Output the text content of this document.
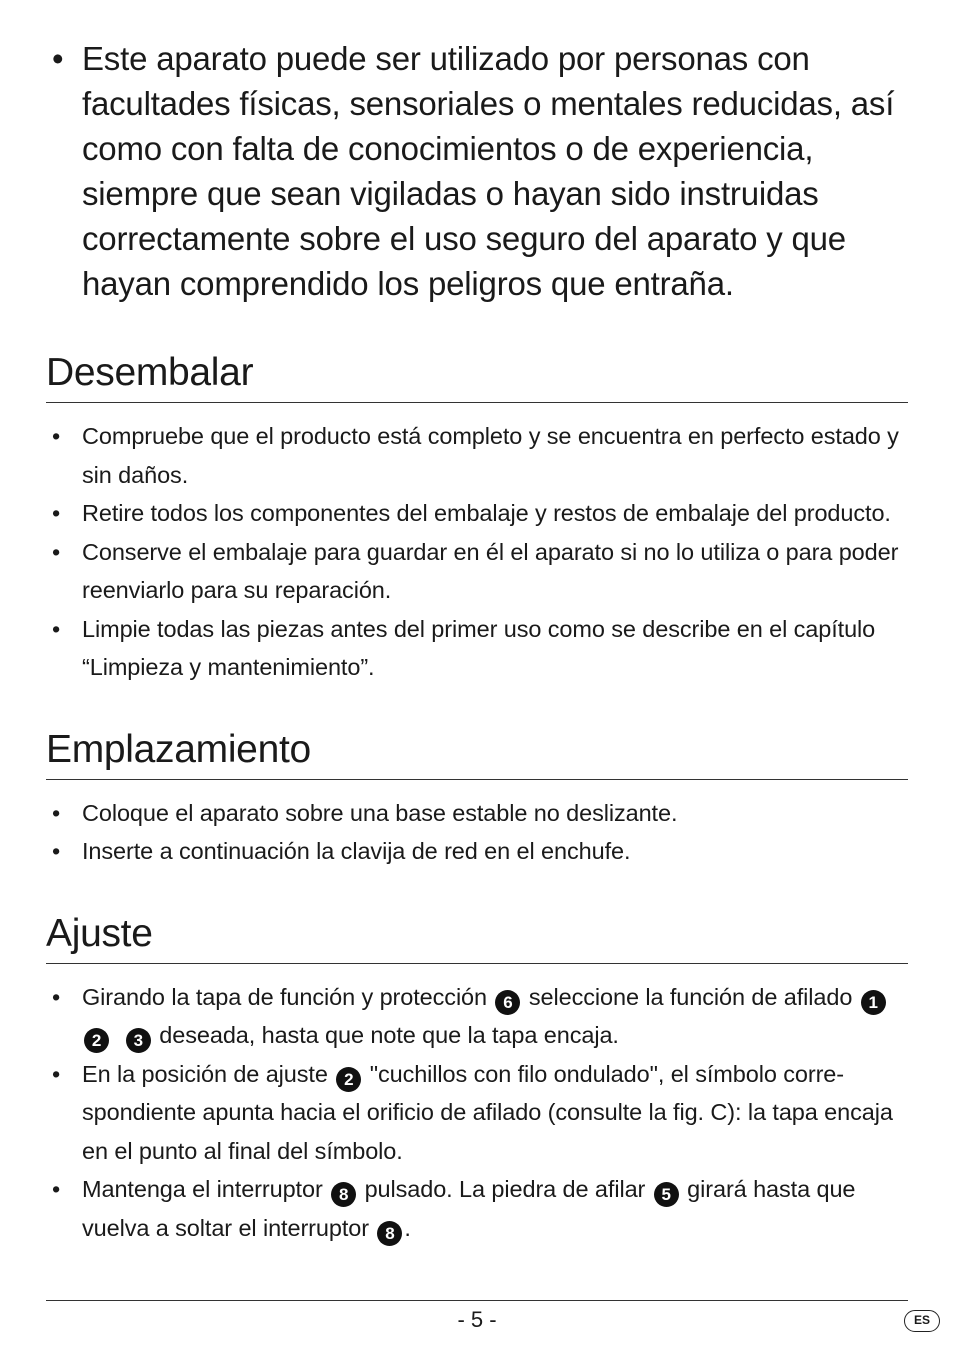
• Este aparato puede ser utilizado por personas con facultades físicas, sensoriales o mentales reducidas, así como con falta de conocimientos o de experiencia, siempre que sean vigiladas o hayan sido instruidas correctamente sobre el uso seguro del aparato y que hayan comprendido los peligros que entraña.
Desembalar
• Compruebe que el producto está completo y se encuentra en perfecto estado y sin daños.
• Retire todos los componentes del embalaje y restos de embalaje del producto.
• Conserve el embalaje para guardar en él el aparato si no lo utiliza o para poder reenviarlo para su reparación.
• Limpie todas las piezas antes del primer uso como se describe en el capítulo “Limpieza y mantenimiento”.
Emplazamiento
• Coloque el aparato sobre una base estable no deslizante.
• Inserte a continuación la clavija de red en el enchufe.
Ajuste
• Girando la tapa de función y protección 6 seleccione la función de afilado 1  2 3 deseada, hasta que note que la tapa encaja.
• En la posición de ajuste 2 "cuchillos con filo ondulado", el símbolo corre-spondiente apunta hacia el orificio de afilado (consulte la fig. C): la tapa encaja en el punto al final del símbolo.
• Mantenga el interruptor 8 pulsado. La piedra de afilar 5 girará hasta que vuelva a soltar el interruptor 8 .
- 5 -	ES
